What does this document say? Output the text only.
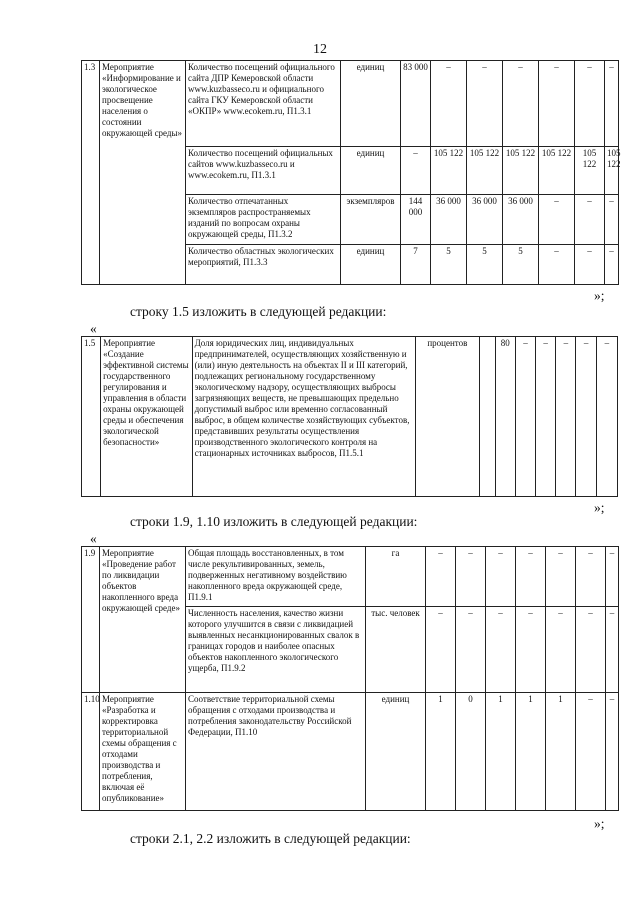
12
1.3	Мероприятие «Информирование и экологическое просвещение населения о состоянии окружающей среды»	Количество посещений официального сайта ДПР Кемеровской области www.kuzbasseco.ru и официального сайта ГКУ Кемеровской области «ОКПР» www.ecokem.ru, П1.3.1	единиц	83 000	–	–	–	–	–	–
		Количество посещений официальных сайтов www.kuzbasseco.ru и www.ecokem.ru, П1.3.1	единиц	–	105 122	105 122	105 122	105 122	105 122	105 122
		Количество отпечатанных экземпляров распространяемых изданий по вопросам охраны окружающей среды, П1.3.2	экземпляров	144 000	36 000	36 000	36 000	–	–	–
		Количество областных экологических мероприятий, П1.3.3	единиц	7	5	5	5	–	–	–
»;
строку 1.5 изложить в следующей редакции:
«
1.5	Мероприятие «Создание эффективной системы государственного регулирования и управления в области охраны окружающей среды и обеспечения экологической безопасности»	Доля юридических лиц, индивидуальных предпринимателей, осуществляющих хозяйственную и (или) иную деятельность на объектах II и III категорий, подлежащих региональному государственному экологическому надзору, осуществляющих выбросы загрязняющих веществ, не превышающих предельно допустимый выброс или временно согласованный выброс, в общем количестве хозяйствующих субъектов, представивших результаты осуществления производственного экологического контроля на стационарных источниках выбросов, П1.5.1	процентов		80	–	–	–	–	–
»;
строки 1.9, 1.10 изложить в следующей редакции:
«
1.9	Мероприятие «Проведение работ по ликвидации объектов накопленного вреда окружающей среде»	Общая площадь восстановленных, в том числе рекультивированных, земель, подверженных негативному воздействию накопленного вреда окружающей среде, П1.9.1	га	–	–	–	–	–	–	–
		Численность населения, качество жизни которого улучшится в связи с ликвидацией выявленных несанкционированных свалок в границах городов и наиболее опасных объектов накопленного экологического ущерба, П1.9.2	тыс. человек	–	–	–	–	–	–	–
1.10	Мероприятие «Разработка и корректировка территориальной схемы обращения с отходами производства и потребления, включая её опубликование»	Соответствие территориальной схемы обращения с отходами производства и потребления законодательству Российской Федерации, П1.10	единиц	1	0	1	1	1	–	–
»;
строки 2.1, 2.2 изложить в следующей редакции:
